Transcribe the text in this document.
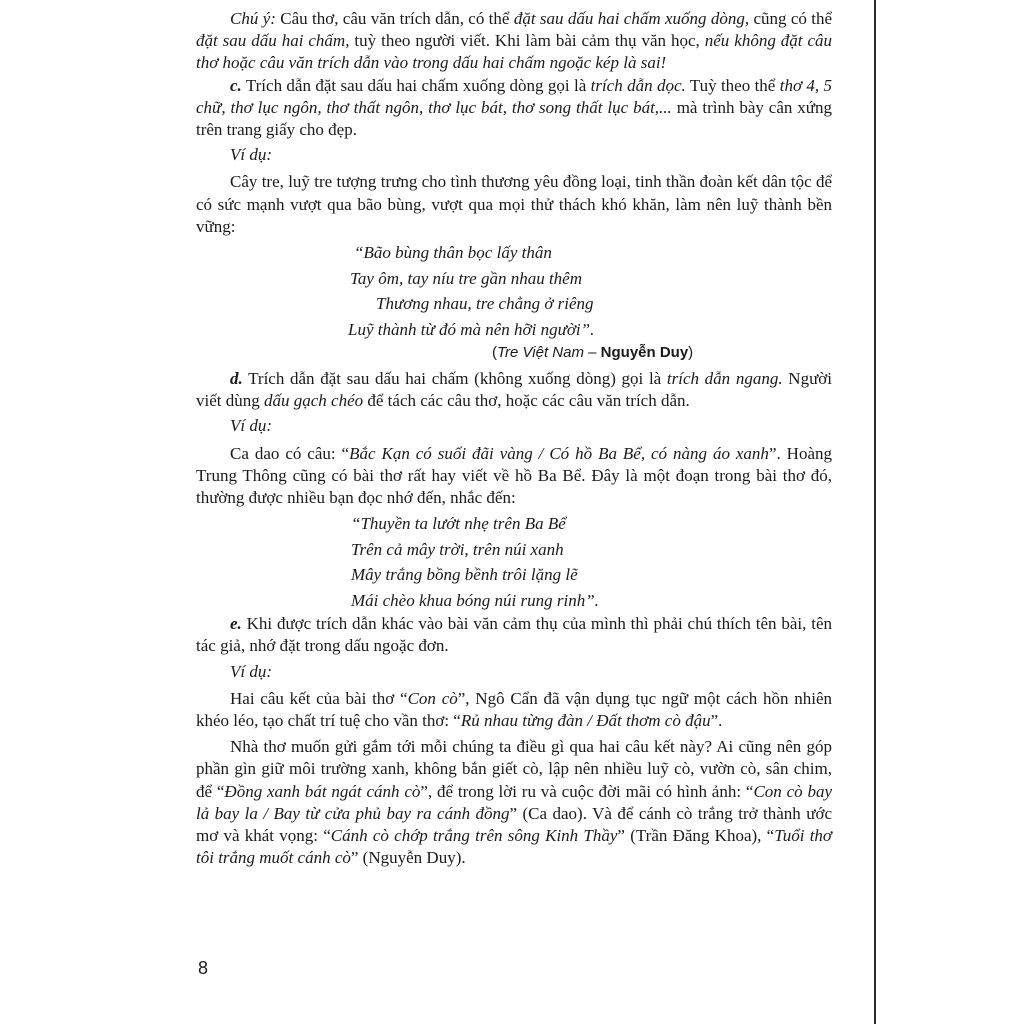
Chú ý: Câu thơ, câu văn trích dẫn, có thể đặt sau dấu hai chấm xuống dòng, cũng có thể đặt sau dấu hai chấm, tuỳ theo người viết. Khi làm bài cảm thụ văn học, nếu không đặt câu thơ hoặc câu văn trích dẫn vào trong dấu hai chấm ngoặc kép là sai!

c. Trích dẫn đặt sau dấu hai chấm xuống dòng gọi là trích dẫn dọc. Tuỳ theo thể thơ 4, 5 chữ, thơ lục ngôn, thơ thất ngôn, thơ lục bát, thơ song thất lục bát,... mà trình bày cân xứng trên trang giấy cho đẹp.

Ví dụ:

Cây tre, luỹ tre tượng trưng cho tình thương yêu đồng loại, tinh thần đoàn kết dân tộc để có sức mạnh vượt qua bão bùng, vượt qua mọi thử thách khó khăn, làm nên luỹ thành bền vững:

“Bão bùng thân bọc lấy thân
Tay ôm, tay níu tre gần nhau thêm
Thương nhau, tre chẳng ở riêng
Luỹ thành từ đó mà nên hỡi người”.
(Tre Việt Nam – Nguyễn Duy)

d. Trích dẫn đặt sau dấu hai chấm (không xuống dòng) gọi là trích dẫn ngang. Người viết dùng dấu gạch chéo để tách các câu thơ, hoặc các câu văn trích dẫn.

Ví dụ:

Ca dao có câu: “Bắc Kạn có suối đãi vàng / Có hồ Ba Bể, có nàng áo xanh”. Hoàng Trung Thông cũng có bài thơ rất hay viết về hồ Ba Bể. Đây là một đoạn trong bài thơ đó, thường được nhiều bạn đọc nhớ đến, nhắc đến:

“Thuyền ta lướt nhẹ trên Ba Bể
Trên cả mây trời, trên núi xanh
Mây trắng bồng bềnh trôi lặng lẽ
Mái chèo khua bóng núi rung rinh”.

e. Khi được trích dẫn khác vào bài văn cảm thụ của mình thì phải chú thích tên bài, tên tác giả, nhớ đặt trong dấu ngoặc đơn.

Ví dụ:

Hai câu kết của bài thơ “Con cò”, Ngô Cẩn đã vận dụng tục ngữ một cách hồn nhiên khéo léo, tạo chất trí tuệ cho vần thơ: “Rủ nhau từng đàn / Đất thơm cò đậu”.

Nhà thơ muốn gửi gắm tới mỗi chúng ta điều gì qua hai câu kết này? Ai cũng nên góp phần gìn giữ môi trường xanh, không bắn giết cò, lập nên nhiều luỹ cò, vườn cò, sân chim, để “Đồng xanh bát ngát cánh cò”, để trong lời ru và cuộc đời mãi có hình ảnh: “Con cò bay lả bay la / Bay từ cửa phủ bay ra cánh đồng” (Ca dao). Và để cánh cò trắng trở thành ước mơ và khát vọng: “Cánh cò chớp trắng trên sông Kinh Thầy” (Trần Đăng Khoa), “Tuổi thơ tôi trắng muốt cánh cò” (Nguyễn Duy).

8
